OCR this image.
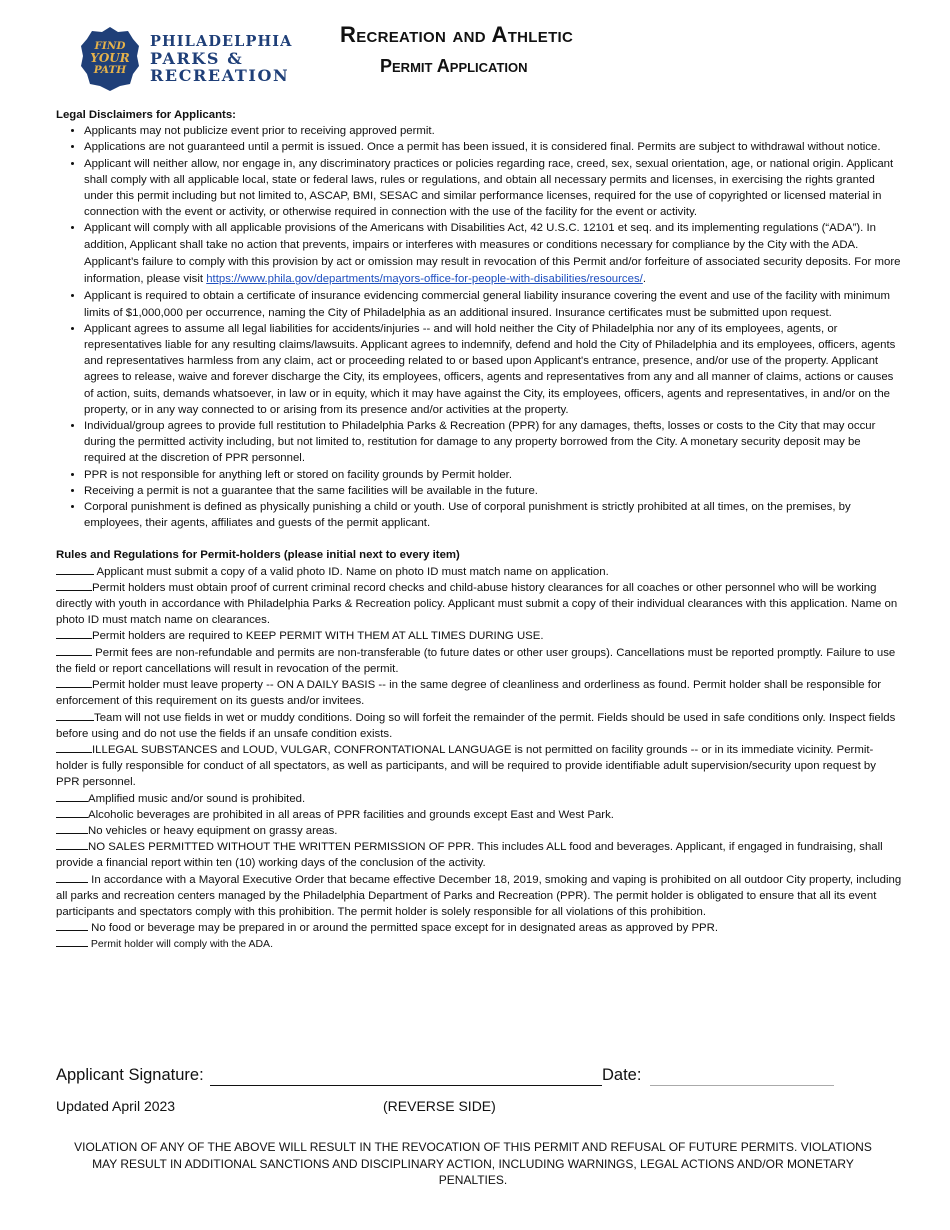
FIND
YOUR
PATH
PHILADELPHIA
PARKS &
RECREATION
Recreation and Athletic
Permit Application
Legal Disclaimers for Applicants:
• Applicants may not publicize event prior to receiving approved permit.
• Applications are not guaranteed until a permit is issued. Once a permit has been issued, it is considered final. Permits are subject to withdrawal without notice.
• Applicant will neither allow, nor engage in, any discriminatory practices or policies regarding race, creed, sex, sexual orientation, age, or national origin. Applicant shall comply with all applicable local, state or federal laws, rules or regulations, and obtain all necessary permits and licenses, in exercising the rights granted under this permit including but not limited to, ASCAP, BMI, SESAC and similar performance licenses, required for the use of copyrighted or licensed material in connection with the event or activity, or otherwise required in connection with the use of the facility for the event or activity.
• Applicant will comply with all applicable provisions of the Americans with Disabilities Act, 42 U.S.C. 12101 et seq. and its implementing regulations (“ADA”). In addition, Applicant shall take no action that prevents, impairs or interferes with measures or conditions necessary for compliance by the City with the ADA. Applicant’s failure to comply with this provision by act or omission may result in revocation of this Permit and/or forfeiture of associated security deposits. For more information, please visit https://www.phila.gov/departments/mayors-office-for-people-with-disabilities/resources/.
• Applicant is required to obtain a certificate of insurance evidencing commercial general liability insurance covering the event and use of the facility with minimum limits of $1,000,000 per occurrence, naming the City of Philadelphia as an additional insured. Insurance certificates must be submitted upon request.
• Applicant agrees to assume all legal liabilities for accidents/injuries -- and will hold neither the City of Philadelphia nor any of its employees, agents, or representatives liable for any resulting claims/lawsuits. Applicant agrees to indemnify, defend and hold the City of Philadelphia and its employees, officers, agents and representatives harmless from any claim, act or proceeding related to or based upon Applicant's entrance, presence, and/or use of the property. Applicant agrees to release, waive and forever discharge the City, its employees, officers, agents and representatives from any and all manner of claims, actions or causes of action, suits, demands whatsoever, in law or in equity, which it may have against the City, its employees, officers, agents and representatives, in and/or on the property, or in any way connected to or arising from its presence and/or activities at the property.
• Individual/group agrees to provide full restitution to Philadelphia Parks & Recreation (PPR) for any damages, thefts, losses or costs to the City that may occur during the permitted activity including, but not limited to, restitution for damage to any property borrowed from the City. A monetary security deposit may be required at the discretion of PPR personnel.
• PPR is not responsible for anything left or stored on facility grounds by Permit holder.
• Receiving a permit is not a guarantee that the same facilities will be available in the future.
• Corporal punishment is defined as physically punishing a child or youth. Use of corporal punishment is strictly prohibited at all times, on the premises, by employees, their agents, affiliates and guests of the permit applicant.
Rules and Regulations for Permit-holders (please initial next to every item)

Applicant must submit a copy of a valid photo ID. Name on photo ID must match name on application.

Permit holders must obtain proof of current criminal record checks and child-abuse history clearances for all coaches or other personnel who will be working directly with youth in accordance with Philadelphia Parks & Recreation policy. Applicant must submit a copy of their individual clearances with this application. Name on photo ID must match name on clearances.

Permit holders are required to KEEP PERMIT WITH THEM AT ALL TIMES DURING USE.

Permit fees are non-refundable and permits are non-transferable (to future dates or other user groups). Cancellations must be reported promptly. Failure to use the field or report cancellations will result in revocation of the permit.

Permit holder must leave property -- ON A DAILY BASIS -- in the same degree of cleanliness and orderliness as found. Permit holder shall be responsible for enforcement of this requirement on its guests and/or invitees.

Team will not use fields in wet or muddy conditions. Doing so will forfeit the remainder of the permit. Fields should be used in safe conditions only. Inspect fields before using and do not use the fields if an unsafe condition exists.

ILLEGAL SUBSTANCES and LOUD, VULGAR, CONFRONTATIONAL LANGUAGE is not permitted on facility grounds -- or in its immediate vicinity. Permit-holder is fully responsible for conduct of all spectators, as well as participants, and will be required to provide identifiable adult supervision/security upon request by PPR personnel.

Amplified music and/or sound is prohibited.

Alcoholic beverages are prohibited in all areas of PPR facilities and grounds except East and West Park.

No vehicles or heavy equipment on grassy areas.

NO SALES PERMITTED WITHOUT THE WRITTEN PERMISSION OF PPR. This includes ALL food and beverages. Applicant, if engaged in fundraising, shall provide a financial report within ten (10) working days of the conclusion of the activity.

In accordance with a Mayoral Executive Order that became effective December 18, 2019, smoking and vaping is prohibited on all outdoor City property, including all parks and recreation centers managed by the Philadelphia Department of Parks and Recreation (PPR). The permit holder is obligated to ensure that all its event participants and spectators comply with this prohibition. The permit holder is solely responsible for all violations of this prohibition.

No food or beverage may be prepared in or around the permitted space except for in designated areas as approved by PPR.

Permit holder will comply with the ADA.

Applicant Signature:	Date:
Updated April 2023	(REVERSE SIDE)
VIOLATION OF ANY OF THE ABOVE WILL RESULT IN THE REVOCATION OF THIS PERMIT AND REFUSAL OF FUTURE PERMITS. VIOLATIONS MAY RESULT IN ADDITIONAL SANCTIONS AND DISCIPLINARY ACTION, INCLUDING WARNINGS, LEGAL ACTIONS AND/OR MONETARY PENALTIES.
